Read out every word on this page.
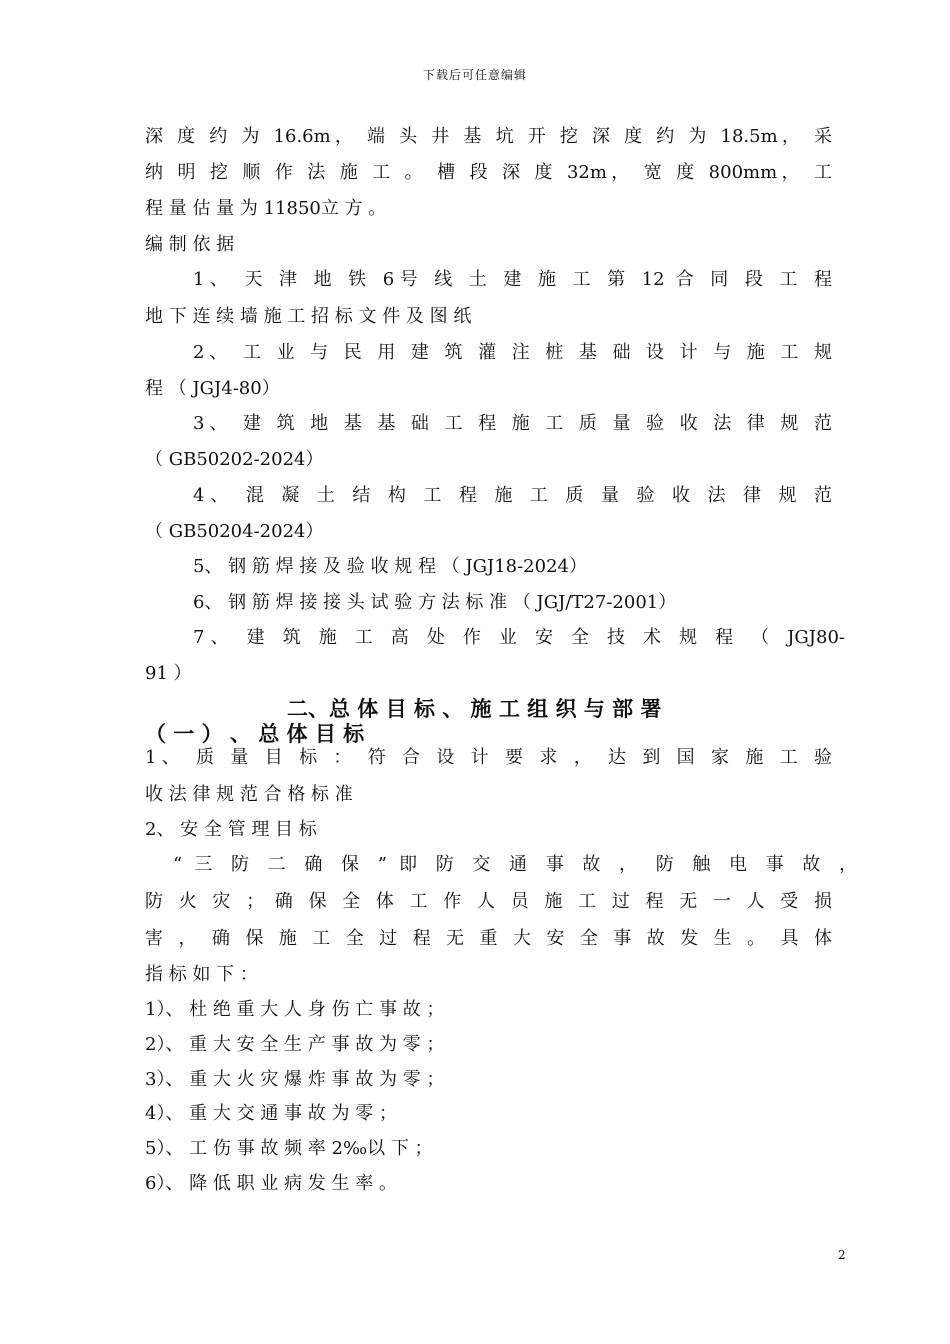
下载后可任意编辑
深 度 约 为 16.6m， 端 头 井 基 坑 开 挖 深 度 约 为 18.5m， 采
纳 明 挖 顺 作 法 施 工 。 槽 段 深 度 32m， 宽 度 800mm， 工
程 量 估 量 为 11850立 方 。
编 制 依 据
1、 天 津 地 铁 6号 线 土 建 施 工 第 12 合 同 段 工 程
地 下 连 续 墙 施 工 招 标 文 件 及 图 纸
2、 工 业 与 民 用 建 筑 灌 注 桩 基 础 设 计 与 施 工 规
程 （ JGJ4-80）
3、 建 筑 地 基 基 础 工 程 施 工 质 量 验 收 法 律 规 范
（ GB50202-2024）
4、 混 凝 土 结 构 工 程 施 工 质 量 验 收 法 律 规 范
（ GB50204-2024）
5、 钢 筋 焊 接 及 验 收 规 程 （ JGJ18-2024）
6、 钢 筋 焊 接 接 头 试 验 方 法 标 准 （ JGJ/T27-2001）
7、 建 筑 施 工 高 处 作 业 安 全 技 术 规 程 （ JGJ80-
91 ）
二、总 体 目 标 、 施 工 组 织 与 部 署
（ 一 ） 、 总 体 目 标
1、 质 量 目 标 ： 符 合 设 计 要 求 ， 达 到 国 家 施 工 验
收 法 律 规 范 合 格 标 准
2、 安 全 管 理 目 标
“ 三 防 二 确 保 ” 即 防 交 通 事 故 ， 防 触 电 事 故 ，
防 火 灾 ； 确 保 全 体 工 作 人 员 施 工 过 程 无 一 人 受 损
害 ， 确 保 施 工 全 过 程 无 重 大 安 全 事 故 发 生 。 具 体
指 标 如 下 ：
1）、 杜 绝 重 大 人 身 伤 亡 事 故 ；
2）、 重 大 安 全 生 产 事 故 为 零 ；
3）、 重 大 火 灾 爆 炸 事 故 为 零 ；
4）、 重 大 交 通 事 故 为 零 ；
5）、 工 伤 事 故 频 率 2‰以 下 ；
6）、 降 低 职 业 病 发 生 率 。
2
